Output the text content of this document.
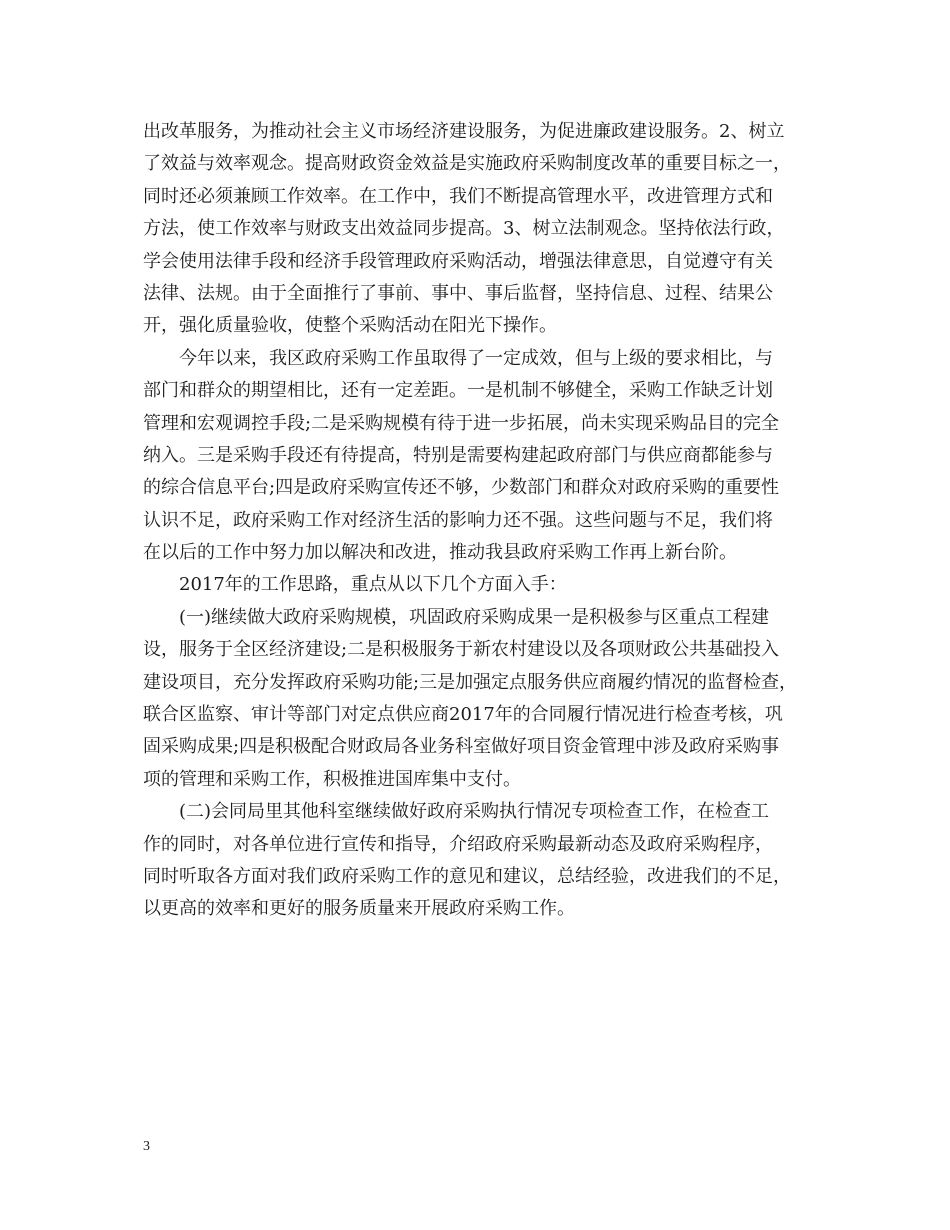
出改革服务，为推动社会主义市场经济建设服务，为促进廉政建设服务。2、树立
了效益与效率观念。提高财政资金效益是实施政府采购制度改革的重要目标之一，
同时还必须兼顾工作效率。在工作中，我们不断提高管理水平，改进管理方式和
方法，使工作效率与财政支出效益同步提高。3、树立法制观念。坚持依法行政，
学会使用法律手段和经济手段管理政府采购活动，增强法律意思，自觉遵守有关
法律、法规。由于全面推行了事前、事中、事后监督，坚持信息、过程、结果公
开，强化质量验收，使整个采购活动在阳光下操作。
今年以来，我区政府采购工作虽取得了一定成效，但与上级的要求相比，与
部门和群众的期望相比，还有一定差距。一是机制不够健全，采购工作缺乏计划
管理和宏观调控手段;二是采购规模有待于进一步拓展，尚未实现采购品目的完全
纳入。三是采购手段还有待提高，特别是需要构建起政府部门与供应商都能参与
的综合信息平台;四是政府采购宣传还不够，少数部门和群众对政府采购的重要性
认识不足，政府采购工作对经济生活的影响力还不强。这些问题与不足，我们将
在以后的工作中努力加以解决和改进，推动我县政府采购工作再上新台阶。
2017年的工作思路，重点从以下几个方面入手：
(一)继续做大政府采购规模，巩固政府采购成果一是积极参与区重点工程建
设，服务于全区经济建设;二是积极服务于新农村建设以及各项财政公共基础投入
建设项目，充分发挥政府采购功能;三是加强定点服务供应商履约情况的监督检查，
联合区监察、审计等部门对定点供应商2017年的合同履行情况进行检查考核，巩
固采购成果;四是积极配合财政局各业务科室做好项目资金管理中涉及政府采购事
项的管理和采购工作，积极推进国库集中支付。
(二)会同局里其他科室继续做好政府采购执行情况专项检查工作，在检查工
作的同时，对各单位进行宣传和指导，介绍政府采购最新动态及政府采购程序，
同时听取各方面对我们政府采购工作的意见和建议，总结经验，改进我们的不足，
以更高的效率和更好的服务质量来开展政府采购工作。
3
